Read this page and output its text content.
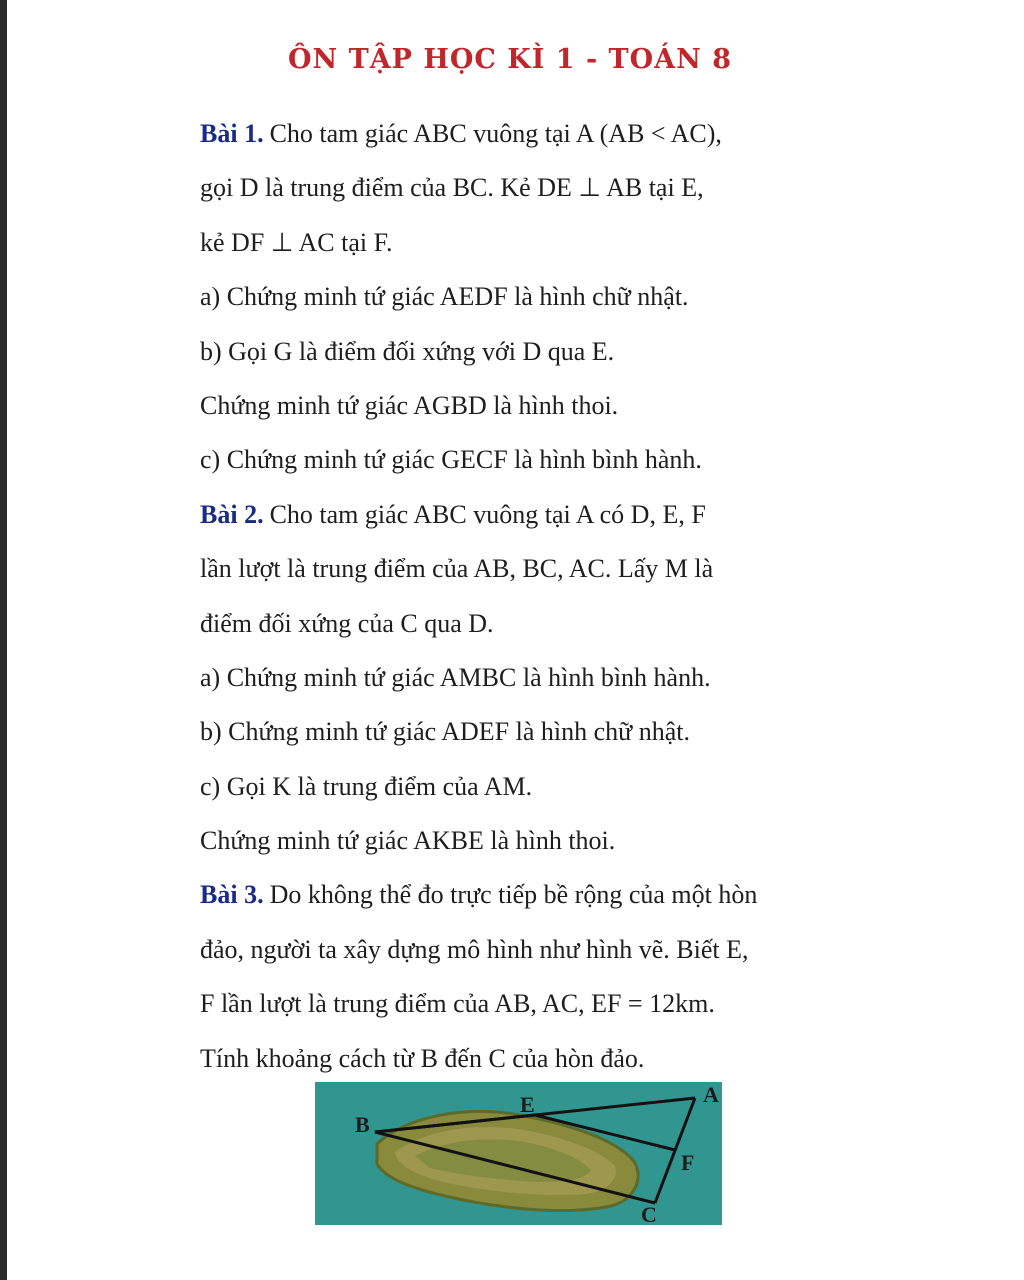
ÔN TẬP HỌC KÌ 1 - TOÁN 8
Bài 1. Cho tam giác ABC vuông tại A (AB < AC),
gọi D là trung điểm của BC. Kẻ DE ⊥ AB tại E,
kẻ DF ⊥ AC tại F.
a) Chứng minh tứ giác AEDF là hình chữ nhật.
b) Gọi G là điểm đối xứng với D qua E.
Chứng minh tứ giác AGBD là hình thoi.
c) Chứng minh tứ giác GECF là hình bình hành.
Bài 2. Cho tam giác ABC vuông tại A có D, E, F
lần lượt là trung điểm của AB, BC, AC. Lấy M là
điểm đối xứng của C qua D.
a) Chứng minh tứ giác AMBC là hình bình hành.
b) Chứng minh tứ giác ADEF là hình chữ nhật.
c) Gọi K là trung điểm của AM.
Chứng minh tứ giác AKBE là hình thoi.
Bài 3. Do không thể đo trực tiếp bề rộng của một hòn
đảo, người ta xây dựng mô hình như hình vẽ. Biết E,
F lần lượt là trung điểm của AB, AC, EF = 12km.
Tính khoảng cách từ B đến C của hòn đảo.
A
B
C
E
F
